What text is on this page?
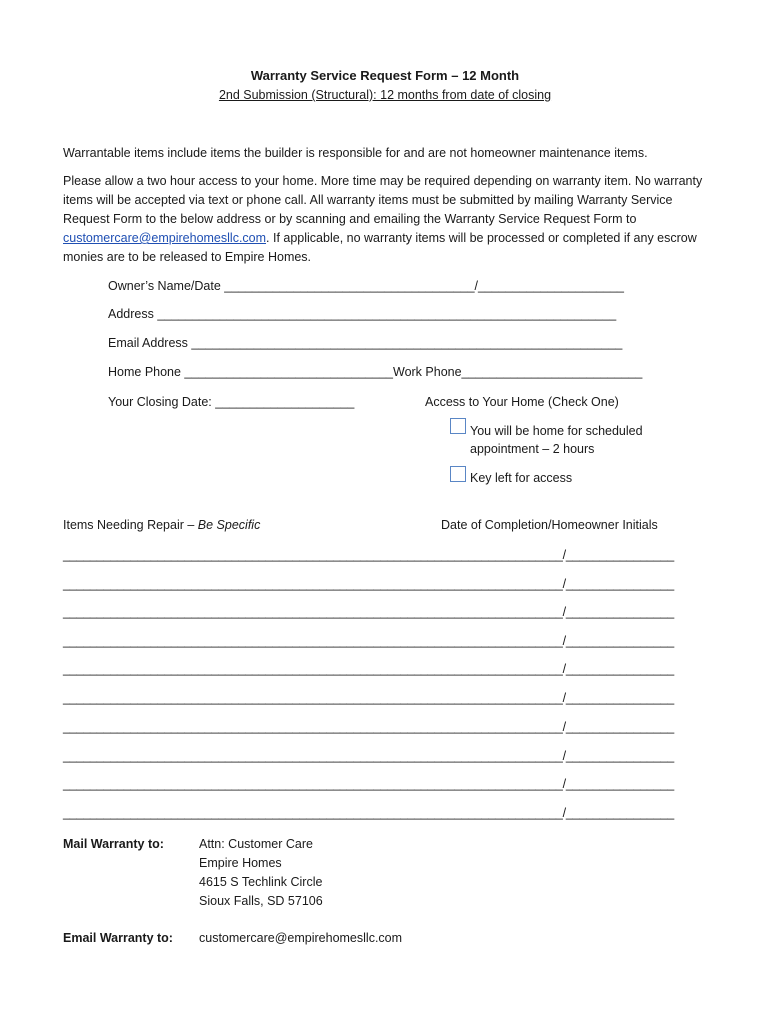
Warranty Service Request Form – 12 Month
2nd Submission (Structural): 12 months from date of closing

Warrantable items include items the builder is responsible for and are not homeowner maintenance items.

Please allow a two hour access to your home. More time may be required depending on warranty item. No warranty items will be accepted via text or phone call. All warranty items must be submitted by mailing Warranty Service Request Form to the below address or by scanning and emailing the Warranty Service Request Form to customercare@empirehomesllc.com. If applicable, no warranty items will be processed or completed if any escrow monies are to be released to Empire Homes.

Owner’s Name/Date ____________________________________/_____________________
Address __________________________________________________________________
Email Address ______________________________________________________________
Home Phone ______________________________Work Phone__________________________
Your Closing Date: ____________________	Access to Your Home (Check One)
You will be home for scheduled
appointment – 2 hours
Key left for access
Items Needing Repair – Be Specific	Date of Completion/Homeowner Initials
__________________________________________________________________________/________________
__________________________________________________________________________/________________
__________________________________________________________________________/________________
__________________________________________________________________________/________________
__________________________________________________________________________/________________
__________________________________________________________________________/________________
__________________________________________________________________________/________________
__________________________________________________________________________/________________
__________________________________________________________________________/________________
__________________________________________________________________________/________________
Mail Warranty to:	Attn: Customer Care
Empire Homes
4615 S Techlink Circle
Sioux Falls, SD 57106
Email Warranty to: customercare@empirehomesllc.com
